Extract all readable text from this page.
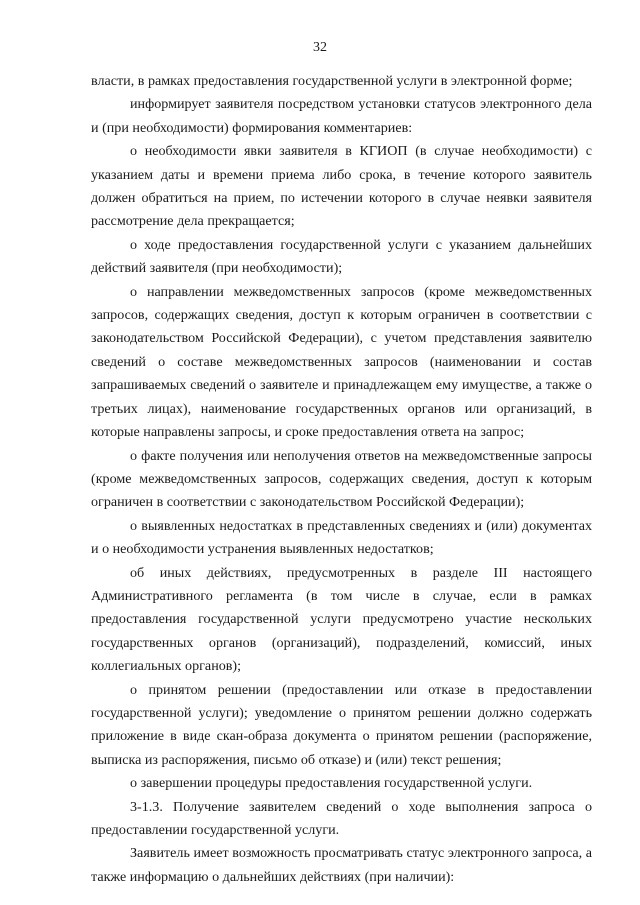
32

власти, в рамках предоставления государственной услуги в электронной форме;

информирует заявителя посредством установки статусов электронного дела и (при необходимости) формирования комментариев:

о необходимости явки заявителя в КГИОП (в случае необходимости) с указанием даты и времени приема либо срока, в течение которого заявитель должен обратиться на прием, по истечении которого в случае неявки заявителя рассмотрение дела прекращается;

о ходе предоставления государственной услуги с указанием дальнейших действий заявителя (при необходимости);

о направлении межведомственных запросов (кроме межведомственных запросов, содержащих сведения, доступ к которым ограничен в соответствии с законодательством Российской Федерации), с учетом представления заявителю сведений о составе межведомственных запросов (наименовании и состав запрашиваемых сведений о заявителе и принадлежащем ему имуществе, а также о третьих лицах), наименование государственных органов или организаций, в которые направлены запросы, и сроке предоставления ответа на запрос;

о факте получения или неполучения ответов на межведомственные запросы (кроме межведомственных запросов, содержащих сведения, доступ к которым ограничен в соответствии с законодательством Российской Федерации);

о выявленных недостатках в представленных сведениях и (или) документах и о необходимости устранения выявленных недостатков;

об иных действиях, предусмотренных в разделе III настоящего Административного регламента (в том числе в случае, если в рамках предоставления государственной услуги предусмотрено участие нескольких государственных органов (организаций), подразделений, комиссий, иных коллегиальных органов);

о принятом решении (предоставлении или отказе в предоставлении государственной услуги); уведомление о принятом решении должно содержать приложение в виде скан-образа документа о принятом решении (распоряжение, выписка из распоряжения, письмо об отказе) и (или) текст решения;

о завершении процедуры предоставления государственной услуги.

3-1.3. Получение заявителем сведений о ходе выполнения запроса о предоставлении государственной услуги.

Заявитель имеет возможность просматривать статус электронного запроса, а также информацию о дальнейших действиях (при наличии):
